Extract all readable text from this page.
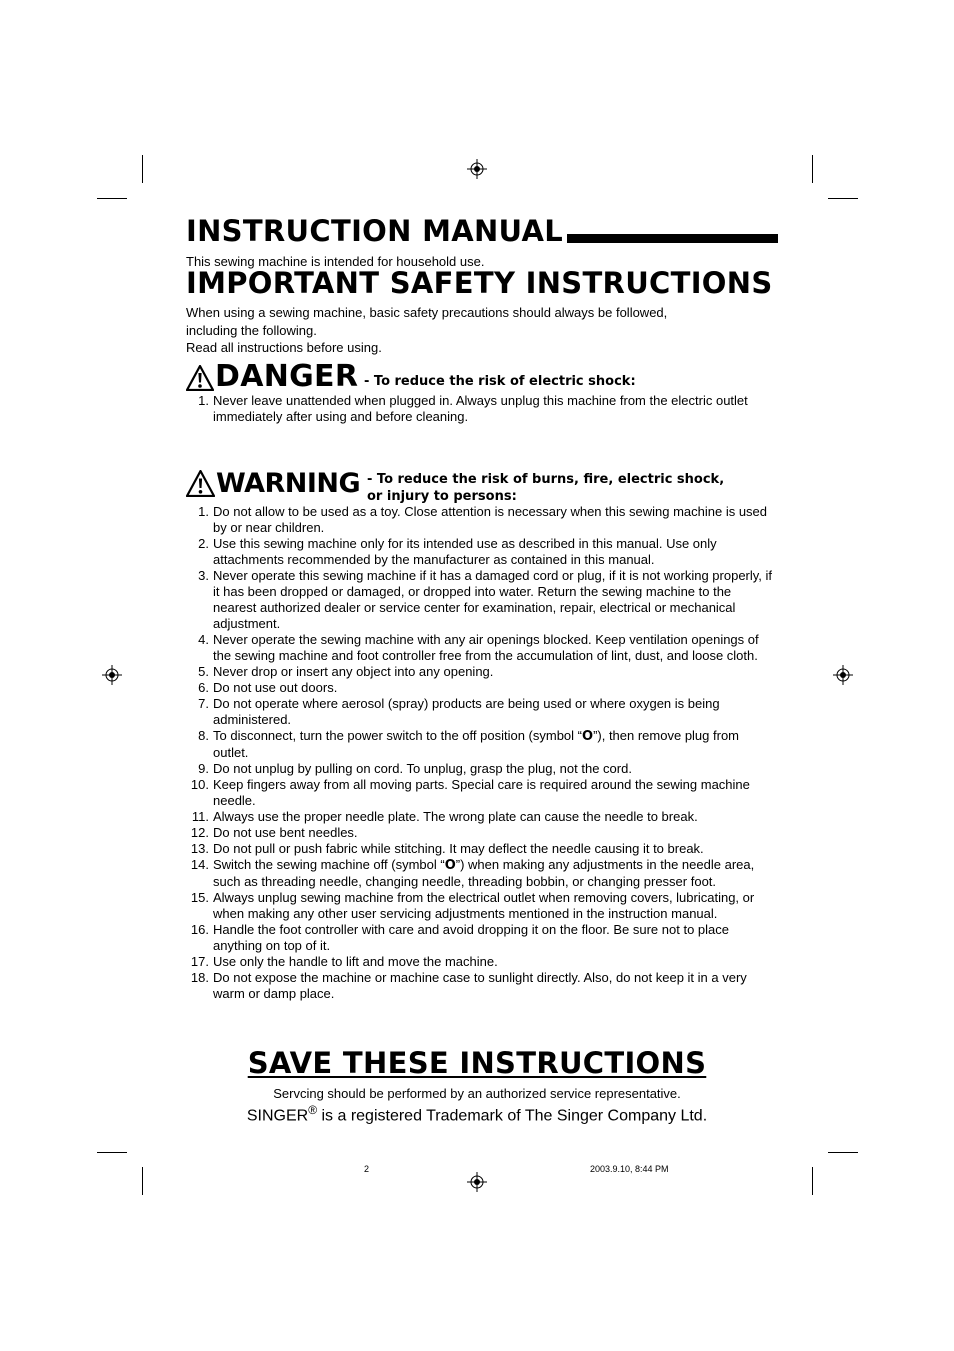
INSTRUCTION MANUAL
This sewing machine is intended for household use.
IMPORTANT SAFETY INSTRUCTIONS
When using a sewing machine, basic safety precautions should always be followed,
including the following.
Read all instructions before using.
DANGER - To reduce the risk of electric shock:
1. Never leave unattended when plugged in. Always unplug this machine from the electric outlet immediately after using and before cleaning.
WARNING - To reduce the risk of burns, fire, electric shock,
or injury to persons:
1. Do not allow to be used as a toy. Close attention is necessary when this sewing machine is used by or near children.
2. Use this sewing machine only for its intended use as described in this manual. Use only attachments recommended by the manufacturer as contained in this manual.
3. Never operate this sewing machine if it has a damaged cord or plug, if it is not working properly, if it has been dropped or damaged, or dropped into water. Return the sewing machine to the nearest authorized dealer or service center for examination, repair, electrical or mechanical adjustment.
4. Never operate the sewing machine with any air openings blocked. Keep ventilation openings of the sewing machine and foot controller free from the accumulation of lint, dust, and loose cloth.
5. Never drop or insert any object into any opening.
6. Do not use out doors.
7. Do not operate where aerosol (spray) products are being used or where oxygen is being administered.
8. To disconnect, turn the power switch to the off position (symbol “O”), then remove plug from outlet.
9. Do not unplug by pulling on cord. To unplug, grasp the plug, not the cord.
10. Keep fingers away from all moving parts. Special care is required around the sewing machine needle.
11. Always use the proper needle plate. The wrong plate can cause the needle to break.
12. Do not use bent needles.
13. Do not pull or push fabric while stitching. It may deflect the needle causing it to break.
14. Switch the sewing machine off (symbol “O”) when making any adjustments in the needle area, such as threading needle, changing needle, threading bobbin, or changing presser foot.
15. Always unplug sewing machine from the electrical outlet when removing covers, lubricating, or when making any other user servicing adjustments mentioned in the instruction manual.
16. Handle the foot controller with care and avoid dropping it on the floor. Be sure not to place anything on top of it.
17. Use only the handle to lift and move the machine.
18. Do not expose the machine or machine case to sunlight directly. Also, do not keep it in a very warm or damp place.
SAVE THESE INSTRUCTIONS
Servcing should be performed by an authorized service representative.
SINGER® is a registered Trademark of The Singer Company Ltd.
2	2003.9.10, 8:44 PM
